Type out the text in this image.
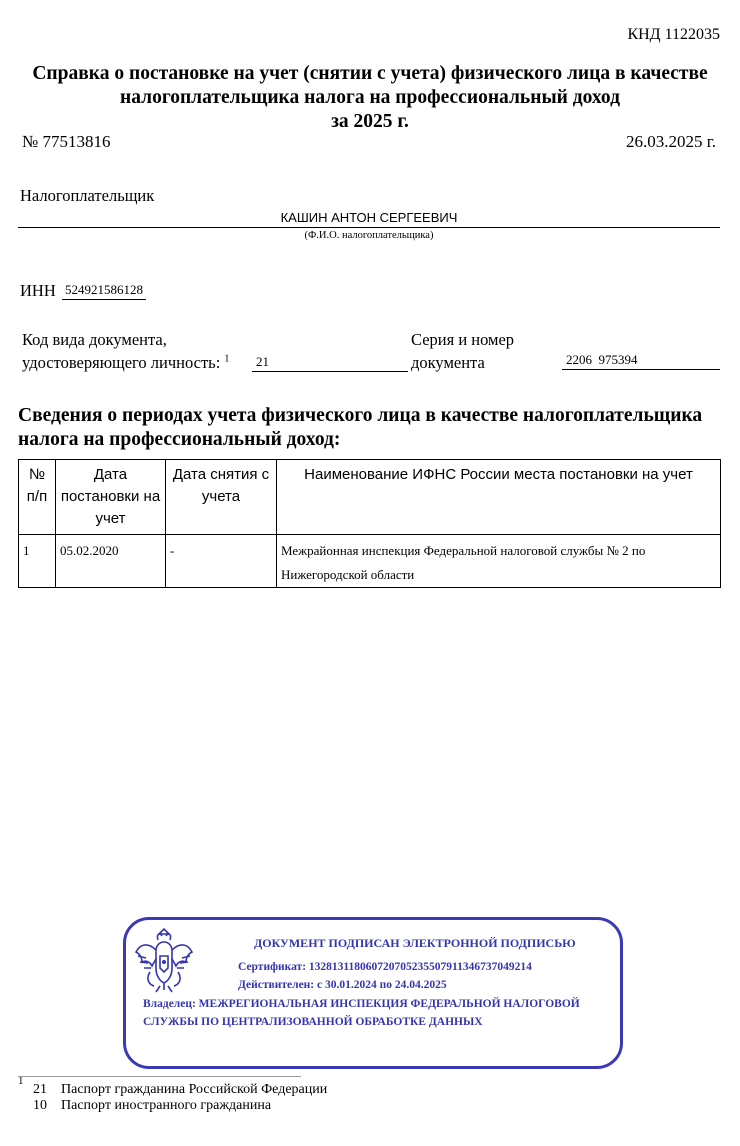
КНД 1122035
Справка о постановке на учет (снятии с учета) физического лица в качестве
налогоплательщика налога на профессиональный доход
за 2025 г.
№ 77513816	26.03.2025 г.
Налогоплательщик
КАШИН АНТОН СЕРГЕЕВИЧ
(Ф.И.О. налогоплательщика)
ИНН 524921586128
Код вида документа,
удостоверяющего личность: $^1$	21
Серия и номер
документа	2206  975394
Сведения о периодах учета физического лица в качестве налогоплательщика
налога на профессиональный доход:
№ п/п	Дата постановки на учет	Дата снятия с учета	Наименование ИФНС России места постановки на учет
1	05.02.2020	-	Межрайонная инспекция Федеральной налоговой службы № 2 по Нижегородской области
ДОКУМЕНТ ПОДПИСАН ЭЛЕКТРОННОЙ ПОДПИСЬЮ
Сертификат: 13281311806072070523550791134673704921​4
Действителен: с 30.01.2024 по 24.04.2025
Владелец: МЕЖРЕГИОНАЛЬНАЯ ИНСПЕКЦИЯ ФЕДЕРАЛЬНОЙ НАЛОГОВОЙ
СЛУЖБЫ ПО ЦЕНТРАЛИЗОВАННОЙ ОБРАБОТКЕ ДАННЫХ
1
21 Паспорт гражданина Российской Федерации
10 Паспорт иностранного гражданина
